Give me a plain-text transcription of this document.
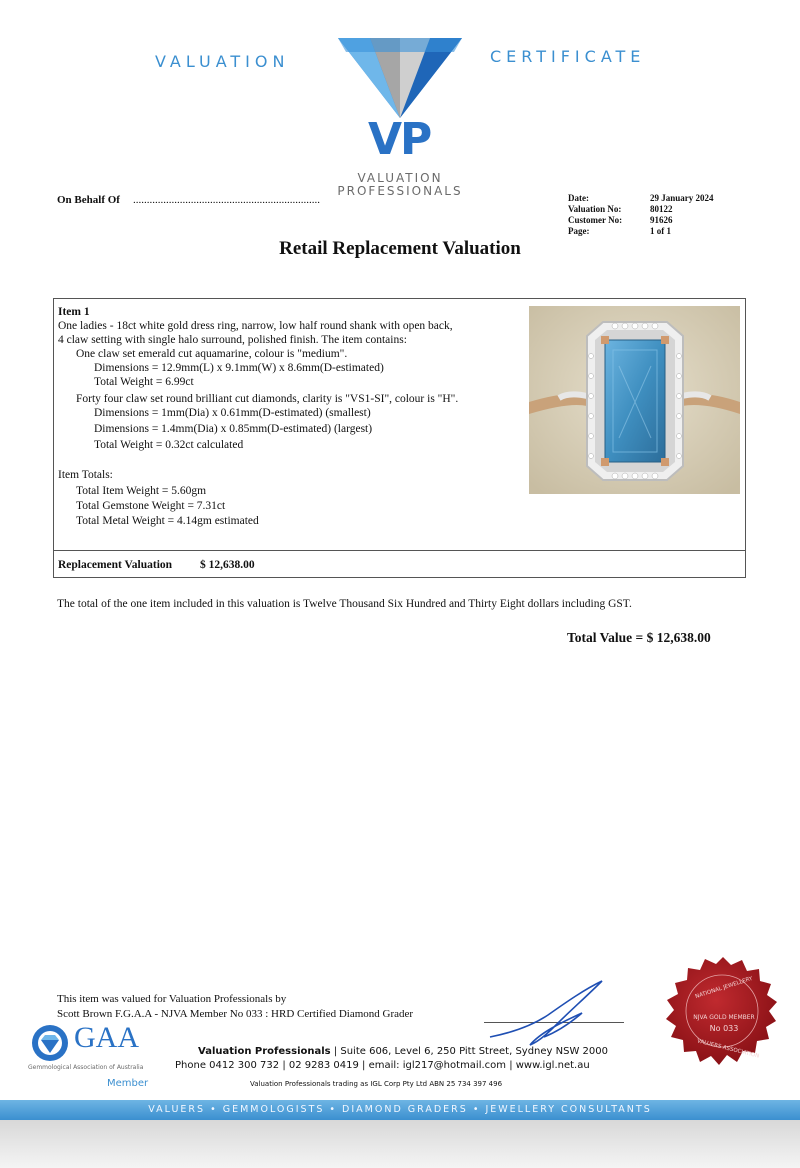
VALUATION	CERTIFICATE
VP
VALUATION
PROFESSIONALS
On Behalf Of ....................................................................	Date:	29 January 2024
Valuation No:	80122
Customer No:	91626
Page:	1 of 1
Retail Replacement Valuation
Item 1
One ladies - 18ct white gold dress ring, narrow, low half round shank with open back,
4 claw setting with single halo surround, polished finish. The item contains:
One claw set emerald cut aquamarine, colour is "medium".
Dimensions = 12.9mm(L) x 9.1mm(W) x 8.6mm(D-estimated)
Total Weight = 6.99ct
Forty four claw set round brilliant cut diamonds, clarity is "VS1-SI", colour is "H".
Dimensions = 1mm(Dia) x 0.61mm(D-estimated) (smallest)
Dimensions = 1.4mm(Dia) x 0.85mm(D-estimated) (largest)
Total Weight = 0.32ct calculated
Item Totals:
Total Item Weight = 5.60gm
Total Gemstone Weight = 7.31ct
Total Metal Weight = 4.14gm estimated
Replacement Valuation $ 12,638.00
The total of the one item included in this valuation is Twelve Thousand Six Hundred and Thirty Eight dollars including GST.
Total Value = $ 12,638.00
This item was valued for Valuation Professionals by
Scott Brown F.G.A.A - NJVA Member No 033 : HRD Certified Diamond Grader
GAA
Gemmological Association of Australia
Member
Valuation Professionals | Suite 606, Level 6, 250 Pitt Street, Sydney NSW 2000
Phone 0412 300 732 | 02 9283 0419 | email: igl217@hotmail.com | www.igl.net.au
Valuation Professionals trading as IGL Corp Pty Ltd ABN 25 734 397 496
NATIONAL JEWELLERY
NJVA GOLD MEMBER
No 033
VALUERS ASSOCIATION
VALUERS • GEMMOLOGISTS • DIAMOND GRADERS • JEWELLERY CONSULTANTS
